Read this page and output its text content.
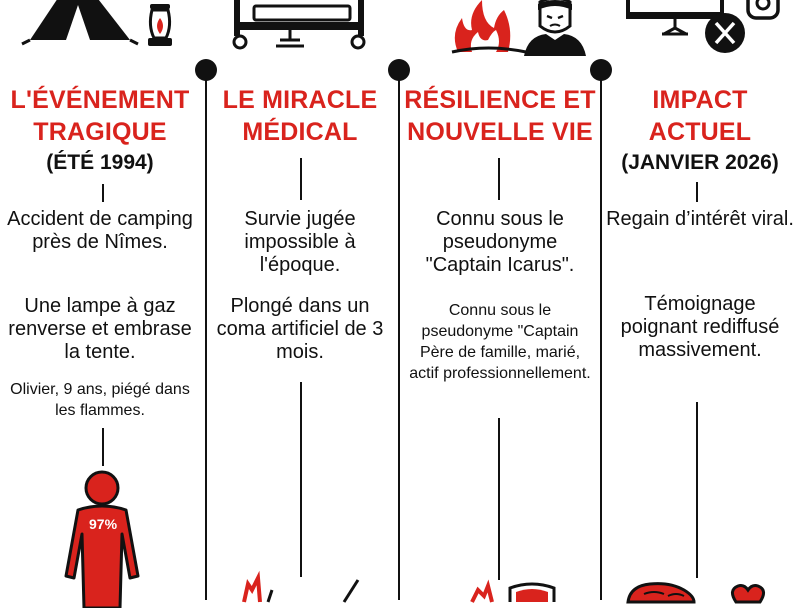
L'ÉVÉNEMENT
TRAGIQUE
(ÉTÉ 1994)
Accident de camping près de Nîmes.
Une lampe à gaz renverse et embrase la tente.
Olivier, 9 ans, piégé dans les flammes.
97%
LE MIRACLE
MÉDICAL
Survie jugée impossible à l'époque.
Plongé dans un coma artificiel de 3 mois.
RÉSILIENCE ET
NOUVELLE VIE
Connu sous le pseudonyme "Captain Icarus".
Connu sous le pseudonyme "Captain
Père de famille, marié, actif professionnellement.
IMPACT
ACTUEL
(JANVIER 2026)
Regain d’intérêt viral.
Témoignage poignant rediffusé massivement.
